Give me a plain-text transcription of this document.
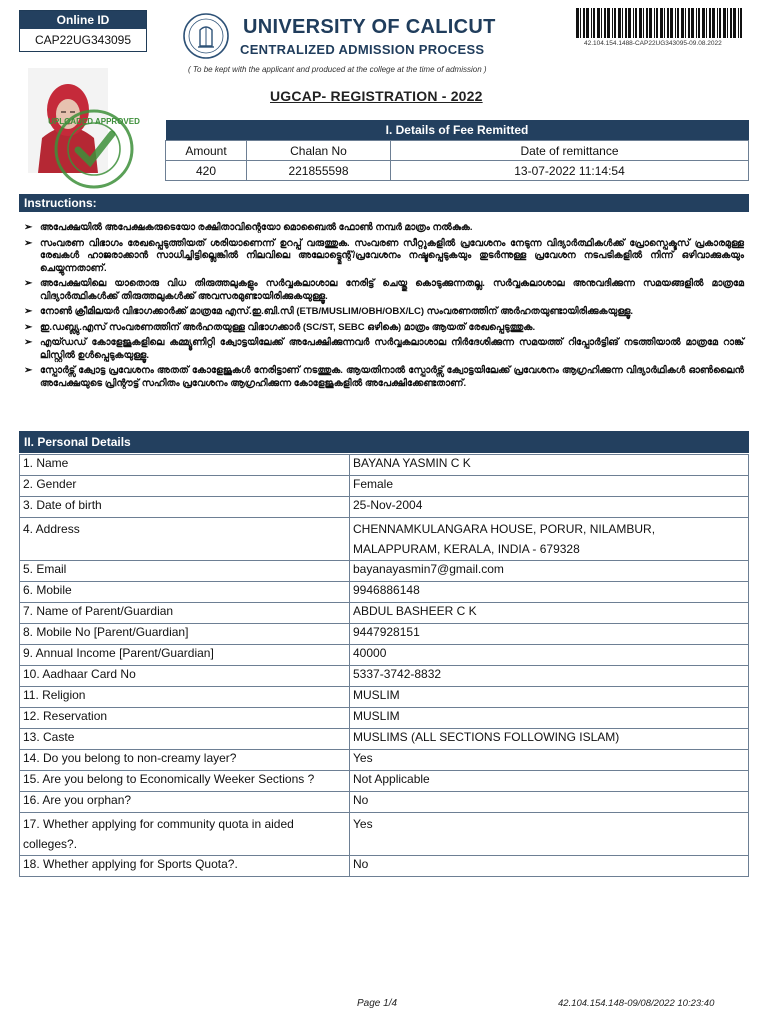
Online ID
CAP22UG343095
UNIVERSITY OF CALICUT
CENTRALIZED ADMISSION PROCESS
( To be kept with the applicant and produced at the college at the time of admission )
42.104.154.1488-CAP22UG343095-09.08.2022
UGCAP- REGISTRATION - 2022
UPLOADED APPROVED
I. Details of Fee Remitted		
Amount	Chalan No	Date of remittance
420	221855598	13-07-2022 11:14:54
Instructions:
➢ അപേക്ഷയിൽ അപേക്ഷകരുടെയോ രക്ഷിതാവിന്റെയോ മൊബൈൽ ഫോൺ നമ്പർ മാത്രം നൽകുക.
➢ സംവരണ വിഭാഗം രേഖപ്പെടുത്തിയത് ശരിയാണെന്ന് ഉറപ്പ് വരുത്തുക. സംവരണ സീറ്റുകളിൽ പ്രവേശനം നേടുന്ന വിദ്യാർത്ഥികൾക്ക് പ്രോസ്പെക്ടസ് പ്രകാരമുള്ള രേഖകൾ ഹാജരാക്കാൻ സാധിച്ചിട്ടില്ലെങ്കിൽ നിലവിലെ അലോട്ട്മെന്റ്/പ്രവേശനം നഷ്ടപ്പെടുകയും തുടർന്നുള്ള പ്രവേശന നടപടികളിൽ നിന്ന് ഒഴിവാക്കുകയും ചെയ്യുന്നതാണ്.
➢ അപേക്ഷയിലെ യാതൊരു വിധ തിരുത്തലുകളും സർവ്വകലാശാല നേരിട്ട് ചെയ്തു കൊടുക്കുന്നതല്ല. സർവ്വകലാശാല അനുവദിക്കുന്ന സമയങ്ങളിൽ മാത്രമേ വിദ്യാർത്ഥികൾക്ക് തിരുത്തലുകൾക്ക് അവസരമുണ്ടായിരിക്കുകയുള്ളൂ.
➢ നോൺ ക്രീമിലയർ വിഭാഗക്കാർക്ക് മാത്രമേ എസ്.ഇ.ബി.സി (ETB/MUSLIM/OBH/OBX/LC) സംവരണത്തിന് അർഹതയുണ്ടായിരിക്കുകയുള്ളൂ.
➢ ഇ.ഡബ്ല്യു.എസ് സംവരണത്തിന് അർഹതയുള്ള വിഭാഗക്കാർ (SC/ST, SEBC ഒഴികെ) മാത്രം ആയത് രേഖപ്പെടുത്തുക.
➢ എയ്ഡഡ് കോളേജുകളിലെ കമ്മ്യൂണിറ്റി ക്വോട്ടയിലേക്ക് അപേക്ഷിക്കുന്നവർ സർവ്വകലാശാല നിർദേശിക്കുന്ന സമയത്ത് റിപ്പോർട്ടിങ് നടത്തിയാൽ മാത്രമേ റാങ്ക് ലിസ്റ്റിൽ ഉൾപ്പെടുകയുള്ളൂ.
➢ സ്പോർട്സ് ക്വോട്ട പ്രവേശനം അതത് കോളേജുകൾ നേരിട്ടാണ് നടത്തുക. ആയതിനാൽ സ്പോർട്സ് ക്വോട്ടയിലേക്ക് പ്രവേശനം ആഗ്രഹിക്കുന്ന വിദ്യാർഥികൾ ഓൺലൈൻ അപേക്ഷയുടെ പ്രിന്റൗട്ട് സഹിതം പ്രവേശനം ആഗ്രഹിക്കുന്ന കോളേജുകളിൽ അപേക്ഷിക്കേണ്ടതാണ്.
II. Personal Details
1. Name	BAYANA YASMIN C K
2. Gender	Female
3. Date of birth	25-Nov-2004
4. Address	CHENNAMKULANGARA HOUSE, PORUR, NILAMBUR, MALAPPURAM, KERALA, INDIA - 679328
5. Email	bayanayasmin7@gmail.com
6. Mobile	9946886148
7. Name of Parent/Guardian	ABDUL BASHEER C K
8. Mobile No [Parent/Guardian]	9447928151
9. Annual Income [Parent/Guardian]	40000
10. Aadhaar Card No	5337-3742-8832
11. Religion	MUSLIM
12. Reservation	MUSLIM
13. Caste	MUSLIMS (ALL SECTIONS FOLLOWING ISLAM)
14. Do you belong to non-creamy layer?	Yes
15. Are you belong to Economically Weeker Sections ?	Not Applicable
16. Are you orphan?	No
17. Whether applying for community quota in aided colleges?.	Yes
18. Whether applying for Sports Quota?.	No
Page 1/4	42.104.154.148-09/08/2022 10:23:40
